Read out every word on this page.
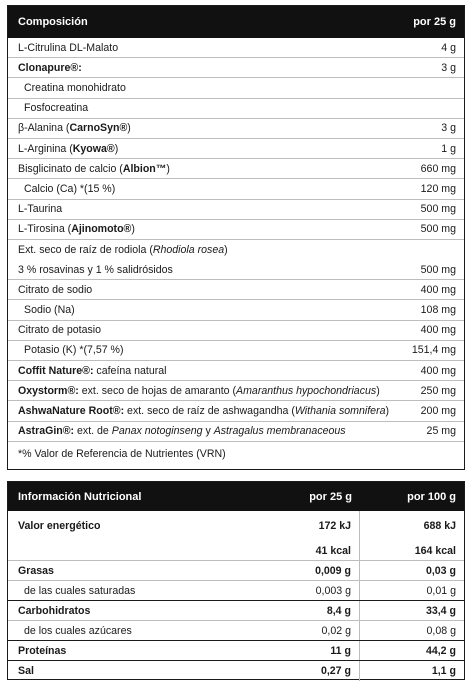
Composición	por 25 g
L-Citrulina DL-Malato	4 g
Clonapure®:	3 g
Creatina monohidrato
Fosfocreatina
β-Alanina (CarnoSyn®)	3 g
L-Arginina (Kyowa®)	1 g
Bisglicinato de calcio (Albion™)	660 mg
Calcio (Ca) *(15 %)	120 mg
L-Taurina	500 mg
L-Tirosina (Ajinomoto®)	500 mg
Ext. seco de raíz de rodiola (Rhodiola rosea)
3 % rosavinas y 1 % salidrósidos	500 mg
Citrato de sodio	400 mg
Sodio (Na)	108 mg
Citrato de potasio	400 mg
Potasio (K) *(7,57 %)	151,4 mg
Coffit Nature®: cafeína natural	400 mg
Oxystorm®: ext. seco de hojas de amaranto (Amaranthus hypochondriacus)	250 mg
AshwaNature Root®: ext. seco de raíz de ashwagandha (Withania somnifera)	200 mg
AstraGin®: ext. de Panax notoginseng y Astragalus membranaceous	25 mg
*% Valor de Referencia de Nutrientes (VRN)
Información Nutricional	por 25 g	por 100 g
Valor energético	172 kJ	688 kJ
41 kcal	164 kcal
Grasas	0,009 g	0,03 g
de las cuales saturadas	0,003 g	0,01 g
Carbohidratos	8,4 g	33,4 g
de los cuales azúcares	0,02 g	0,08 g
Proteínas	11 g	44,2 g
Sal	0,27 g	1,1 g
